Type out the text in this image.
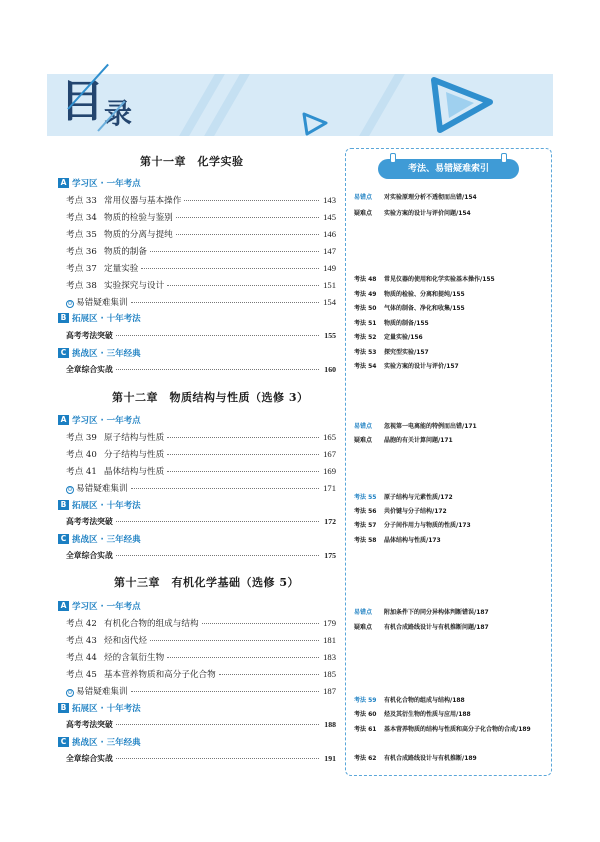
目
录
第十一章　化学实验
A 学习区 · 一年考点
考点 33 常用仪器与基本操作	143
考点 34 物质的检验与鉴别	145
考点 35 物质的分离与提纯	146
考点 36 物质的制备	147
考点 37 定量实验	149
考点 38 实验探究与设计	151
⊙ 易错疑难集训	154
B 拓展区 · 十年考法
高考考法突破	155
C 挑战区 · 三年经典
全章综合实战	160
第十二章　物质结构与性质（选修 3）
A 学习区 · 一年考点
考点 39 原子结构与性质	165
考点 40 分子结构与性质	167
考点 41 晶体结构与性质	169
⊙ 易错疑难集训	171
B 拓展区 · 十年考法
高考考法突破	172
C 挑战区 · 三年经典
全章综合实战	175
第十三章　有机化学基础（选修 5）
A 学习区 · 一年考点
考点 42 有机化合物的组成与结构	179
考点 43 烃和卤代烃	181
考点 44 烃的含氧衍生物	183
考点 45 基本营养物质和高分子化合物	185
⊙ 易错疑难集训	187
B 拓展区 · 十年考法
高考考法突破	188
C 挑战区 · 三年经典
全章综合实战	191
考法、易错疑难索引
易错点	对实验原理分析不透彻而出错/154
疑难点	实验方案的设计与评价问题/154
考法 48	常见仪器的使用和化学实验基本操作/155
考法 49	物质的检验、分离和提纯/155
考法 50	气体的制备、净化和收集/155
考法 51	物质的制备/155
考法 52	定量实验/156
考法 53	探究型实验/157
考法 54	实验方案的设计与评价/157
易错点	忽视第一电离能的特例而出错/171
疑难点	晶胞的有关计算问题/171
考法 55	原子结构与元素性质/172
考法 56	共价键与分子结构/172
考法 57	分子间作用力与物质的性质/173
考法 58	晶体结构与性质/173
易错点	附加条件下的同分异构体判断错误/187
疑难点	有机合成路线设计与有机推断问题/187
考法 59	有机化合物的组成与结构/188
考法 60	烃及其衍生物的性质与应用/188
考法 61	基本营养物质的结构与性质和高分子化合物的合成/189
考法 62	有机合成路线设计与有机推断/189
